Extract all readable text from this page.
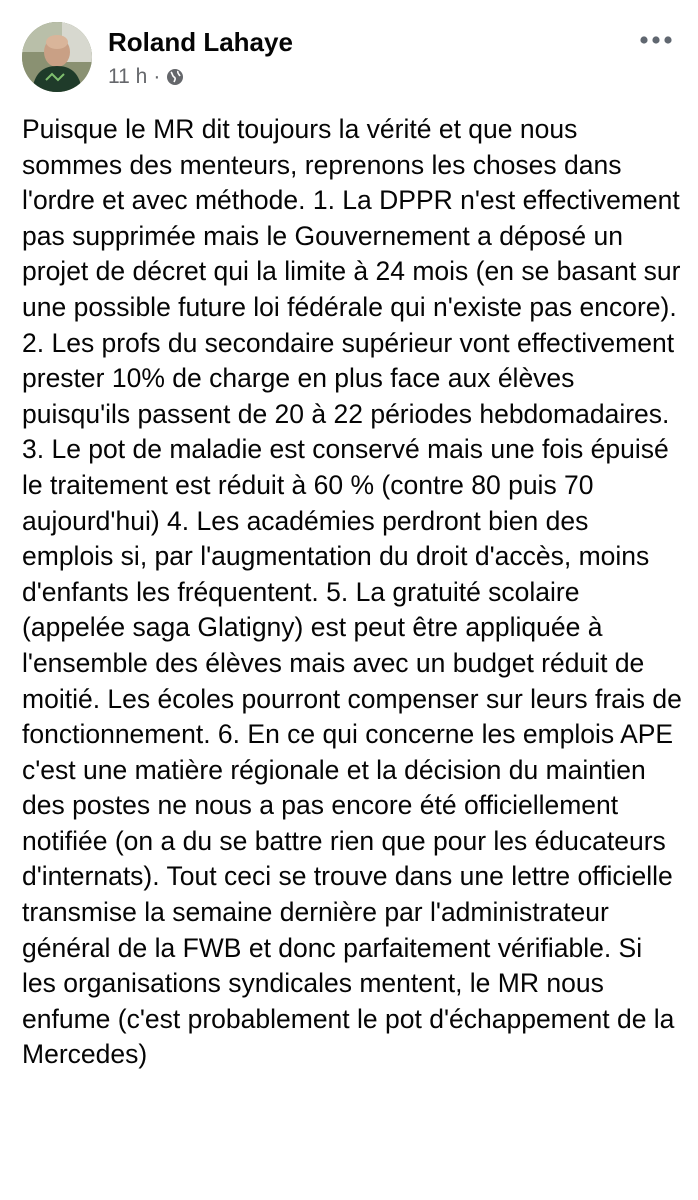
Roland Lahaye
11 h ·
Puisque le MR dit toujours la vérité et que nous sommes des menteurs, reprenons les choses dans l'ordre et avec méthode. 1. La DPPR n'est effectivement pas supprimée mais le Gouvernement a déposé un projet de décret qui la limite à 24 mois (en se basant sur une possible future loi fédérale qui n'existe pas encore). 2. Les profs du secondaire supérieur vont effectivement prester 10% de charge en plus face aux élèves puisqu'ils passent de 20 à 22 périodes hebdomadaires. 3. Le pot de maladie est conservé mais une fois épuisé le traitement est réduit à 60 % (contre 80 puis 70 aujourd'hui) 4. Les académies perdront bien des emplois si, par l'augmentation du droit d'accès, moins d'enfants les fréquentent. 5. La gratuité scolaire (appelée saga Glatigny) est peut être appliquée à l'ensemble des élèves mais avec un budget réduit de moitié. Les écoles pourront compenser sur leurs frais de fonctionnement. 6. En ce qui concerne les emplois APE c'est une matière régionale et la décision du maintien des postes ne nous a pas encore été officiellement notifiée (on a du se battre rien que pour les éducateurs d'internats). Tout ceci se trouve dans une lettre officielle transmise la semaine dernière par l'administrateur général de la FWB et donc parfaitement vérifiable. Si les organisations syndicales mentent, le MR nous enfume (c'est probablement le pot d'échappement de la Mercedes)
